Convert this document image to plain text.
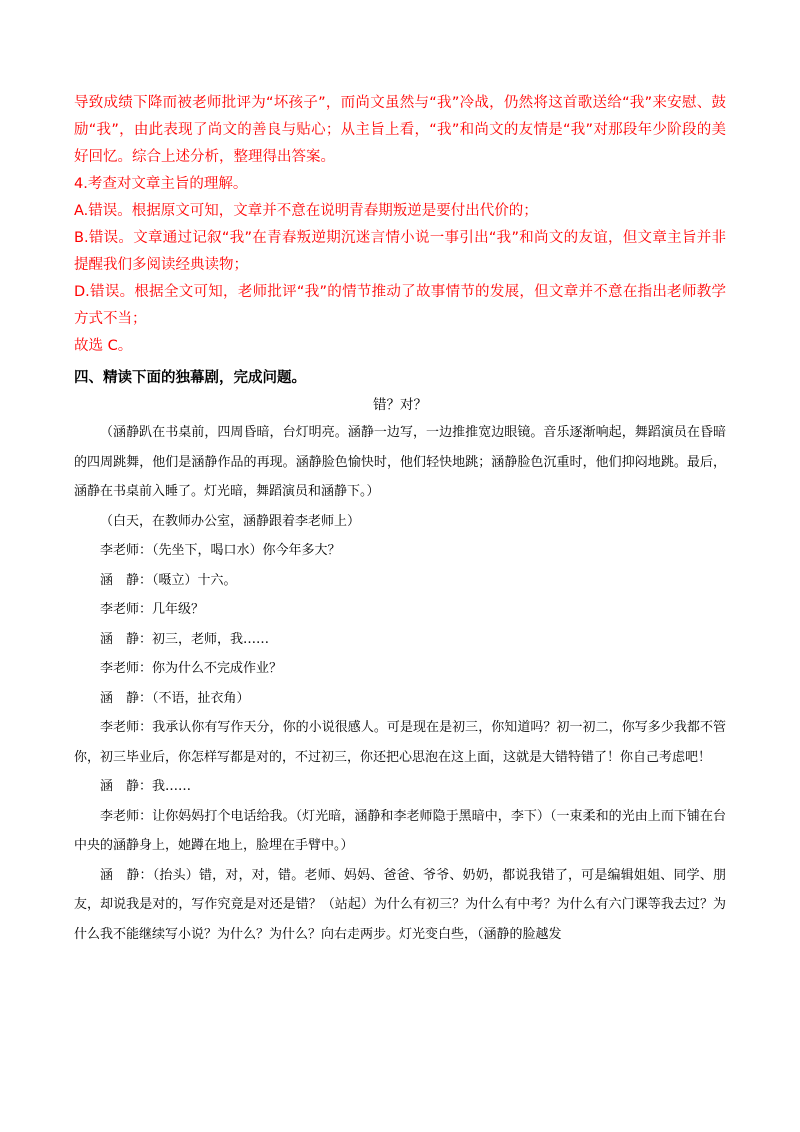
导致成绩下降而被老师批评为“坏孩子”，而尚文虽然与“我”冷战，仍然将这首歌送给“我”来安慰、鼓励“我”，由此表现了尚文的善良与贴心；从主旨上看，“我”和尚文的友情是“我”对那段年少阶段的美好回忆。综合上述分析，整理得出答案。

4.考查对文章主旨的理解。

A.错误。根据原文可知，文章并不意在说明青春期叛逆是要付出代价的；

B.错误。文章通过记叙“我”在青春叛逆期沉迷言情小说一事引出“我”和尚文的友谊，但文章主旨并非提醒我们多阅读经典读物；

D.错误。根据全文可知，老师批评“我”的情节推动了故事情节的发展，但文章并不意在指出老师教学方式不当；

故选 C。

四、精读下面的独幕剧，完成问题。
错？对？

（涵静趴在书桌前，四周昏暗，台灯明亮。涵静一边写，一边推推宽边眼镜。音乐逐渐响起，舞蹈演员在昏暗的四周跳舞，他们是涵静作品的再现。涵静脸色愉快时，他们轻快地跳；涵静脸色沉重时，他们抑闷地跳。最后，涵静在书桌前入睡了。灯光暗，舞蹈演员和涵静下。）

（白天，在教师办公室，涵静跟着李老师上）

李老师：（先坐下，喝口水）你今年多大？

涵　静：（嗫立）十六。

李老师：几年级？

涵　静：初三，老师，我……

李老师：你为什么不完成作业？

涵　静：（不语，扯衣角）

李老师：我承认你有写作天分，你的小说很感人。可是现在是初三，你知道吗？初一初二，你写多少我都不管你，初三毕业后，你怎样写都是对的，不过初三，你还把心思泡在这上面，这就是大错特错了！你自己考虑吧！

涵　静：我……

李老师：让你妈妈打个电话给我。（灯光暗，涵静和李老师隐于黑暗中，李下）（一束柔和的光由上而下铺在台中央的涵静身上，她蹲在地上，脸埋在手臂中。）

涵　静：（抬头）错，对，对，错。老师、妈妈、爸爸、爷爷、奶奶，都说我错了，可是编辑姐姐、同学、朋友，却说我是对的，写作究竟是对还是错？（站起）为什么有初三？为什么有中考？为什么有六门课等我去过？为什么我不能继续写小说？为什么？为什么？向右走两步。灯光变白些，（涵静的脸越发
